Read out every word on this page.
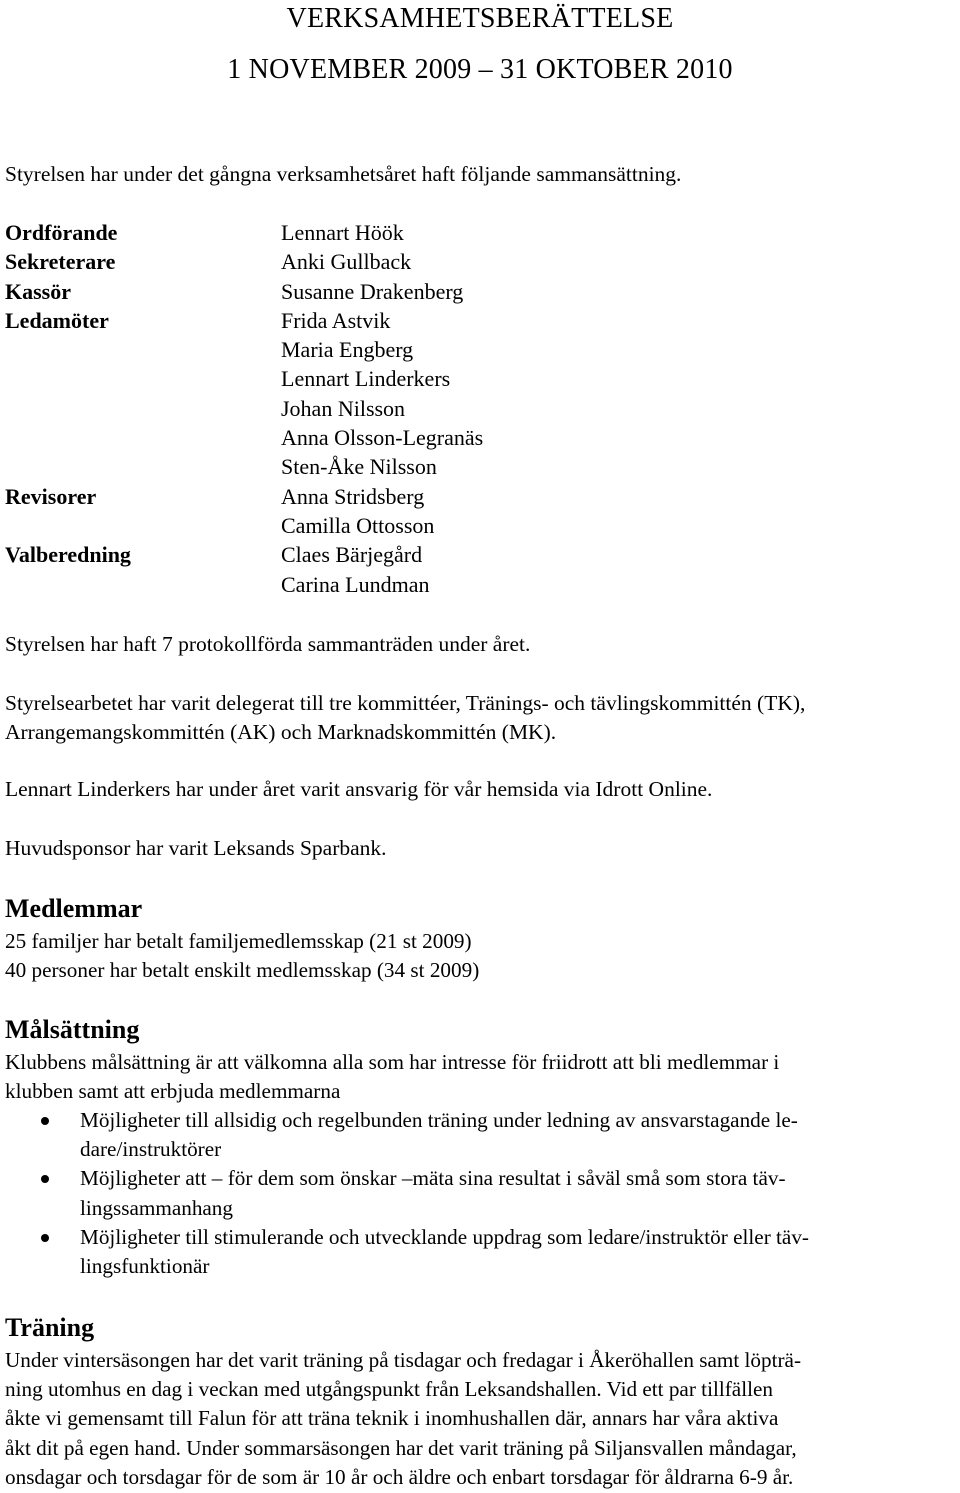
VERKSAMHETSBERÄTTELSE
1 NOVEMBER 2009 – 31 OKTOBER 2010
Styrelsen har under det gångna verksamhetsåret haft följande sammansättning.
Ordförande
Sekreterare
Kassör
Ledamöter
Revisorer
Valberedning
Lennart Höök
Anki Gullback
Susanne Drakenberg
Frida Astvik
Maria Engberg
Lennart Linderkers
Johan Nilsson
Anna Olsson-Legranäs
Sten-Åke Nilsson
Anna Stridsberg
Camilla Ottosson
Claes Bärjegård
Carina Lundman
Styrelsen har haft 7 protokollförda sammanträden under året.
Styrelsearbetet har varit delegerat till tre kommittéer, Tränings- och tävlingskommittén (TK),
Arrangemangskommittén (AK) och Marknadskommittén (MK).
Lennart Linderkers har under året varit ansvarig för vår hemsida via Idrott Online.
Huvudsponsor har varit Leksands Sparbank.
Medlemmar
25 familjer har betalt familjemedlemsskap (21 st 2009)
40 personer har betalt enskilt medlemsskap (34 st 2009)
Målsättning
Klubbens målsättning är att välkomna alla som har intresse för friidrott att bli medlemmar i
klubben samt att erbjuda medlemmarna
Möjligheter till allsidig och regelbunden träning under ledning av ansvarstagande le-
dare/instruktörer
Möjligheter att – för dem som önskar –mäta sina resultat i såväl små som stora täv-
lingssammanhang
Möjligheter till stimulerande och utvecklande uppdrag som ledare/instruktör eller täv-
lingsfunktionär
Träning
Under vintersäsongen har det varit träning på tisdagar och fredagar i Åkeröhallen samt löpträ-
ning utomhus en dag i veckan med utgångspunkt från Leksandshallen. Vid ett par tillfällen
åkte vi gemensamt till Falun för att träna teknik i inomhushallen där, annars har våra aktiva
åkt dit på egen hand. Under sommarsäsongen har det varit träning på Siljansvallen måndagar,
onsdagar och torsdagar för de som är 10 år och äldre och enbart torsdagar för åldrarna 6-9 år.
